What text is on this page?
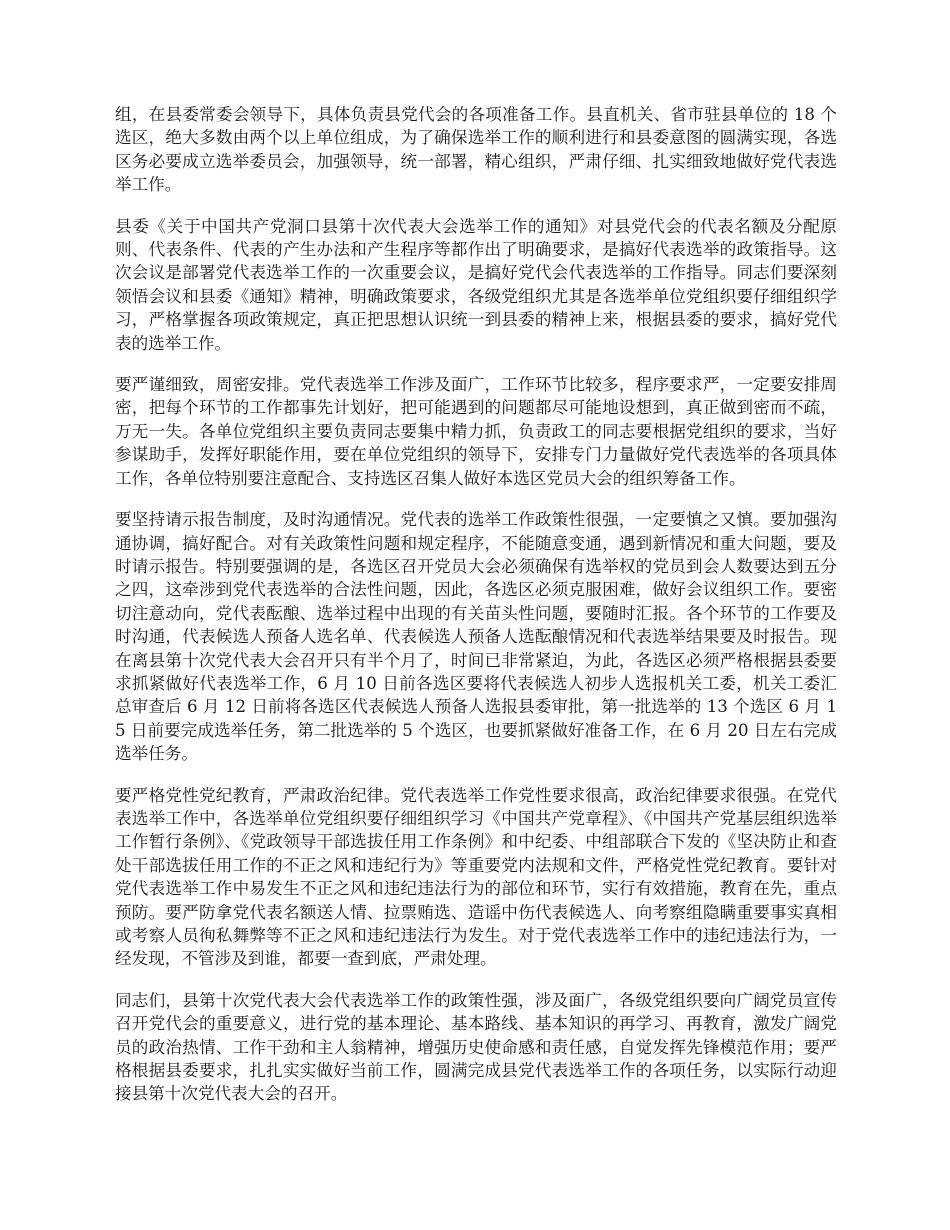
组，在县委常委会领导下，具体负责县党代会的各项准备工作。县直机关、省市驻县单位的 18 个选区，绝大多数由两个以上单位组成，为了确保选举工作的顺利进行和县委意图的圆满实现，各选区务必要成立选举委员会，加强领导，统一部署，精心组织，严肃仔细、扎实细致地做好党代表选举工作。

县委《关于中国共产党洞口县第十次代表大会选举工作的通知》对县党代会的代表名额及分配原则、代表条件、代表的产生办法和产生程序等都作出了明确要求，是搞好代表选举的政策指导。这次会议是部署党代表选举工作的一次重要会议，是搞好党代会代表选举的工作指导。同志们要深刻领悟会议和县委《通知》精神，明确政策要求，各级党组织尤其是各选举单位党组织要仔细组织学习，严格掌握各项政策规定，真正把思想认识统一到县委的精神上来，根据县委的要求，搞好党代表的选举工作。

要严谨细致，周密安排。党代表选举工作涉及面广，工作环节比较多，程序要求严，一定要安排周密，把每个环节的工作都事先计划好，把可能遇到的问题都尽可能地设想到，真正做到密而不疏，万无一失。各单位党组织主要负责同志要集中精力抓，负责政工的同志要根据党组织的要求，当好参谋助手，发挥好职能作用，要在单位党组织的领导下，安排专门力量做好党代表选举的各项具体工作，各单位特别要注意配合、支持选区召集人做好本选区党员大会的组织筹备工作。

要坚持请示报告制度，及时沟通情况。党代表的选举工作政策性很强，一定要慎之又慎。要加强沟通协调，搞好配合。对有关政策性问题和规定程序，不能随意变通，遇到新情况和重大问题，要及时请示报告。特别要强调的是，各选区召开党员大会必须确保有选举权的党员到会人数要达到五分之四，这牵涉到党代表选举的合法性问题，因此，各选区必须克服困难，做好会议组织工作。要密切注意动向，党代表酝酿、选举过程中出现的有关苗头性问题，要随时汇报。各个环节的工作要及时沟通，代表候选人预备人选名单、代表候选人预备人选酝酿情况和代表选举结果要及时报告。现在离县第十次党代表大会召开只有半个月了，时间已非常紧迫，为此，各选区必须严格根据县委要求抓紧做好代表选举工作，6 月 10 日前各选区要将代表候选人初步人选报机关工委，机关工委汇总审查后 6 月 12 日前将各选区代表候选人预备人选报县委审批，第一批选举的 13 个选区 6 月 15 日前要完成选举任务，第二批选举的 5 个选区，也要抓紧做好准备工作，在 6 月 20 日左右完成选举任务。

要严格党性党纪教育，严肃政治纪律。党代表选举工作党性要求很高，政治纪律要求很强。在党代表选举工作中，各选举单位党组织要仔细组织学习《中国共产党章程》、《中国共产党基层组织选举工作暂行条例》、《党政领导干部选拔任用工作条例》和中纪委、中组部联合下发的《坚决防止和查处干部选拔任用工作的不正之风和违纪行为》等重要党内法规和文件，严格党性党纪教育。要针对党代表选举工作中易发生不正之风和违纪违法行为的部位和环节，实行有效措施，教育在先，重点预防。要严防拿党代表名额送人情、拉票贿选、造谣中伤代表候选人、向考察组隐瞒重要事实真相或考察人员徇私舞弊等不正之风和违纪违法行为发生。对于党代表选举工作中的违纪违法行为，一经发现，不管涉及到谁，都要一查到底，严肃处理。

同志们，县第十次党代表大会代表选举工作的政策性强，涉及面广，各级党组织要向广阔党员宣传召开党代会的重要意义，进行党的基本理论、基本路线、基本知识的再学习、再教育，激发广阔党员的政治热情、工作干劲和主人翁精神，增强历史使命感和责任感，自觉发挥先锋模范作用；要严格根据县委要求，扎扎实实做好当前工作，圆满完成县党代表选举工作的各项任务，以实际行动迎接县第十次党代表大会的召开。
